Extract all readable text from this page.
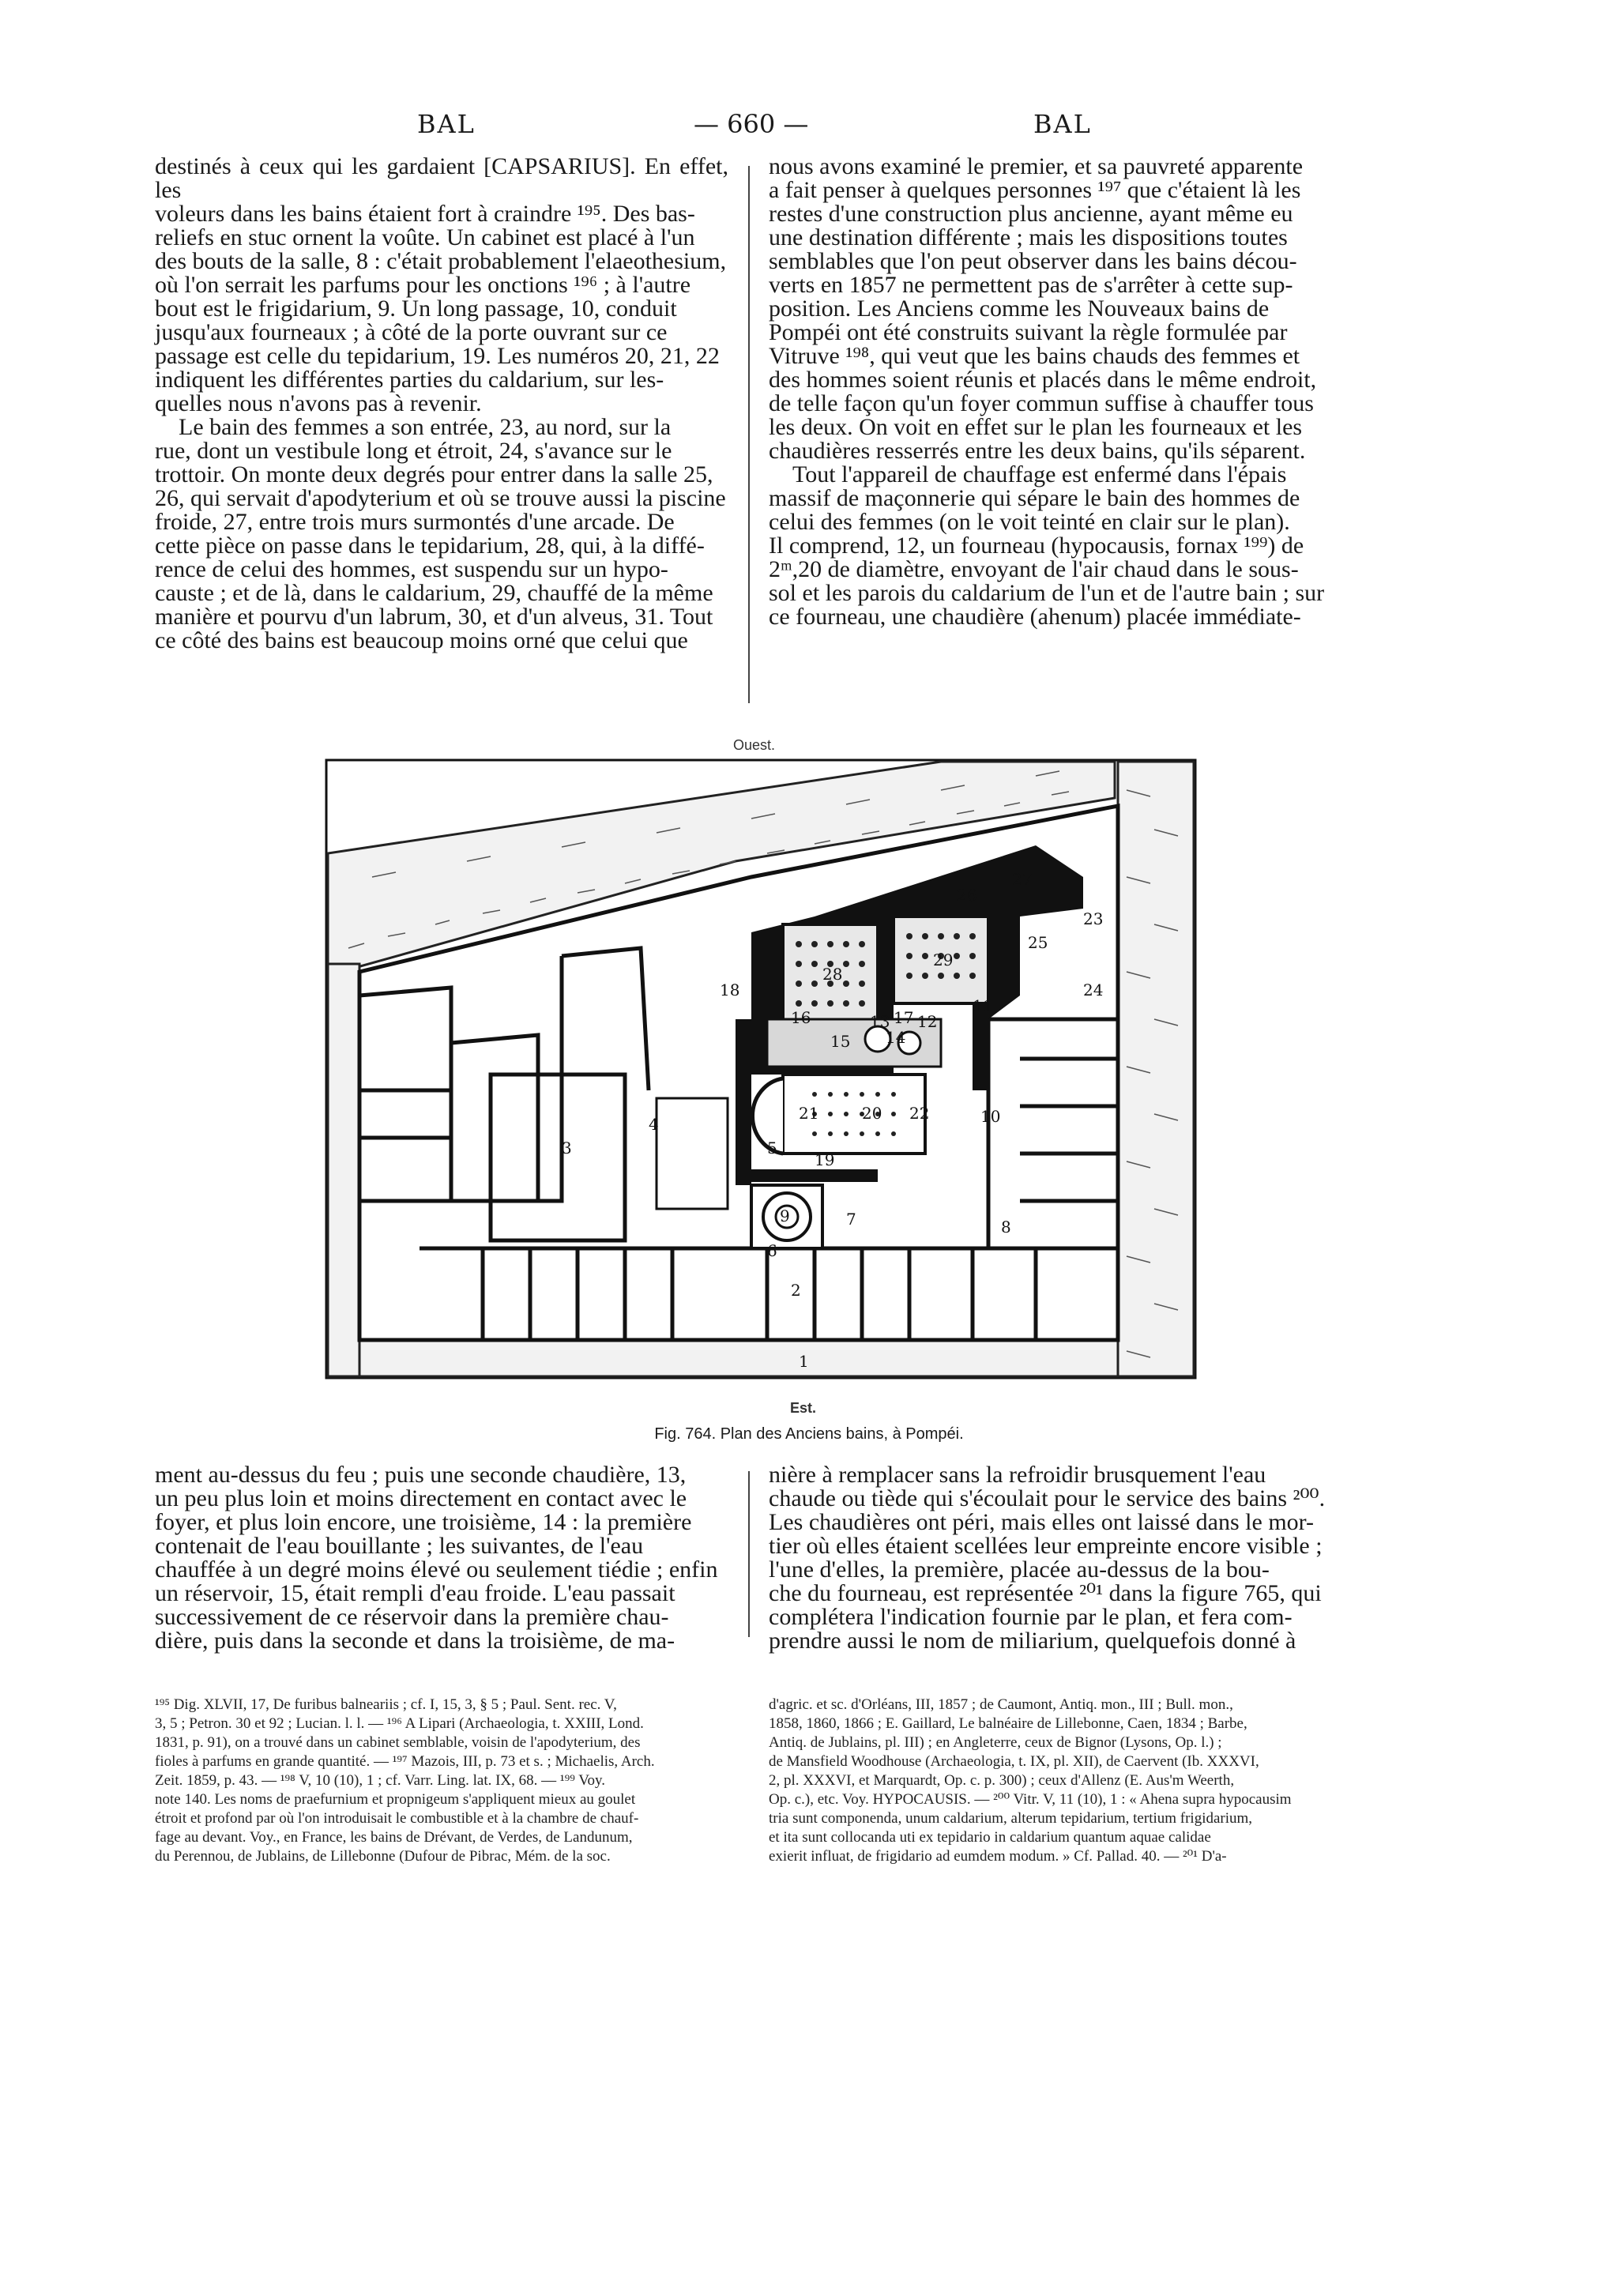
BAL	— 660 —	BAL
destinés à ceux qui les gardaient [CAPSARIUS]. En effet, les
voleurs dans les bains étaient fort à craindre ¹⁹⁵. Des bas-
reliefs en stuc ornent la voûte. Un cabinet est placé à l'un
des bouts de la salle, 8 : c'était probablement l'elaeothesium,
où l'on serrait les parfums pour les onctions ¹⁹⁶ ; à l'autre
bout est le frigidarium, 9. Un long passage, 10, conduit
jusqu'aux fourneaux ; à côté de la porte ouvrant sur ce
passage est celle du tepidarium, 19. Les numéros 20, 21, 22
indiquent les différentes parties du caldarium, sur les-
quelles nous n'avons pas à revenir.
Le bain des femmes a son entrée, 23, au nord, sur la
rue, dont un vestibule long et étroit, 24, s'avance sur le
trottoir. On monte deux degrés pour entrer dans la salle 25,
26, qui servait d'apodyterium et où se trouve aussi la piscine
froide, 27, entre trois murs surmontés d'une arcade. De
cette pièce on passe dans le tepidarium, 28, qui, à la diffé-
rence de celui des hommes, est suspendu sur un hypo-
causte ; et de là, dans le caldarium, 29, chauffé de la même
manière et pourvu d'un labrum, 30, et d'un alveus, 31. Tout
ce côté des bains est beaucoup moins orné que celui que
nous avons examiné le premier, et sa pauvreté apparente
a fait penser à quelques personnes ¹⁹⁷ que c'étaient là les
restes d'une construction plus ancienne, ayant même eu
une destination différente ; mais les dispositions toutes
semblables que l'on peut observer dans les bains décou-
verts en 1857 ne permettent pas de s'arrêter à cette sup-
position. Les Anciens comme les Nouveaux bains de
Pompéi ont été construits suivant la règle formulée par
Vitruve ¹⁹⁸, qui veut que les bains chauds des femmes et
des hommes soient réunis et placés dans le même endroit,
de telle façon qu'un foyer commun suffise à chauffer tous
les deux. On voit en effet sur le plan les fourneaux et les
chaudières resserrés entre les deux bains, qu'ils séparent.
Tout l'appareil de chauffage est enfermé dans l'épais
massif de maçonnerie qui sépare le bain des hommes de
celui des femmes (on le voit teinté en clair sur le plan).
Il comprend, 12, un fourneau (hypocausis, fornax ¹⁹⁹) de
2ᵐ,20 de diamètre, envoyant de l'air chaud dans le sous-
sol et les parois du caldarium de l'un et de l'autre bain ; sur
ce fourneau, une chaudière (ahenum) placée immédiate-
Ouest.
1
2
3
4
5
6
7	8
9
10
11
12
13
14
15
16	17
18
19
20
21	22
23
24
25
26
27
28
29
Est.
Fig. 764. Plan des Anciens bains, à Pompéi.
ment au-dessus du feu ; puis une seconde chaudière, 13,
un peu plus loin et moins directement en contact avec le
foyer, et plus loin encore, une troisième, 14 : la première
contenait de l'eau bouillante ; les suivantes, de l'eau
chauffée à un degré moins élevé ou seulement tiédie ; enfin
un réservoir, 15, était rempli d'eau froide. L'eau passait
successivement de ce réservoir dans la première chau-
dière, puis dans la seconde et dans la troisième, de ma-
nière à remplacer sans la refroidir brusquement l'eau
chaude ou tiède qui s'écoulait pour le service des bains ²⁰⁰.
Les chaudières ont péri, mais elles ont laissé dans le mor-
tier où elles étaient scellées leur empreinte encore visible ;
l'une d'elles, la première, placée au-dessus de la bou-
che du fourneau, est représentée ²⁰¹ dans la figure 765, qui
complétera l'indication fournie par le plan, et fera com-
prendre aussi le nom de miliarium, quelquefois donné à
¹⁹⁵ Dig. XLVII, 17, De furibus balneariis ; cf. I, 15, 3, § 5 ; Paul. Sent. rec. V,
3, 5 ; Petron. 30 et 92 ; Lucian. l. l. — ¹⁹⁶ A Lipari (Archaeologia, t. XXIII, Lond.
1831, p. 91), on a trouvé dans un cabinet semblable, voisin de l'apodyterium, des
fioles à parfums en grande quantité. — ¹⁹⁷ Mazois, III, p. 73 et s. ; Michaelis, Arch.
Zeit. 1859, p. 43. — ¹⁹⁸ V, 10 (10), 1 ; cf. Varr. Ling. lat. IX, 68. — ¹⁹⁹ Voy.
note 140. Les noms de praefurnium et propnigeum s'appliquent mieux au goulet
étroit et profond par où l'on introduisait le combustible et à la chambre de chauf-
fage au devant. Voy., en France, les bains de Drévant, de Verdes, de Landunum,
du Perennou, de Jublains, de Lillebonne (Dufour de Pibrac, Mém. de la soc.
d'agric. et sc. d'Orléans, III, 1857 ; de Caumont, Antiq. mon., III ; Bull. mon.,
1858, 1860, 1866 ; E. Gaillard, Le balnéaire de Lillebonne, Caen, 1834 ; Barbe,
Antiq. de Jublains, pl. III) ; en Angleterre, ceux de Bignor (Lysons, Op. l.) ;
de Mansfield Woodhouse (Archaeologia, t. IX, pl. XII), de Caervent (Ib. XXXVI,
2, pl. XXXVI, et Marquardt, Op. c. p. 300) ; ceux d'Allenz (E. Aus'm Weerth,
Op. c.), etc. Voy. HYPOCAUSIS. — ²⁰⁰ Vitr. V, 11 (10), 1 : « Ahena supra hypocausim
tria sunt componenda, unum caldarium, alterum tepidarium, tertium frigidarium,
et ita sunt collocanda uti ex tepidario in caldarium quantum aquae calidae
exierit influat, de frigidario ad eumdem modum. » Cf. Pallad. 40. — ²⁰¹ D'a-
